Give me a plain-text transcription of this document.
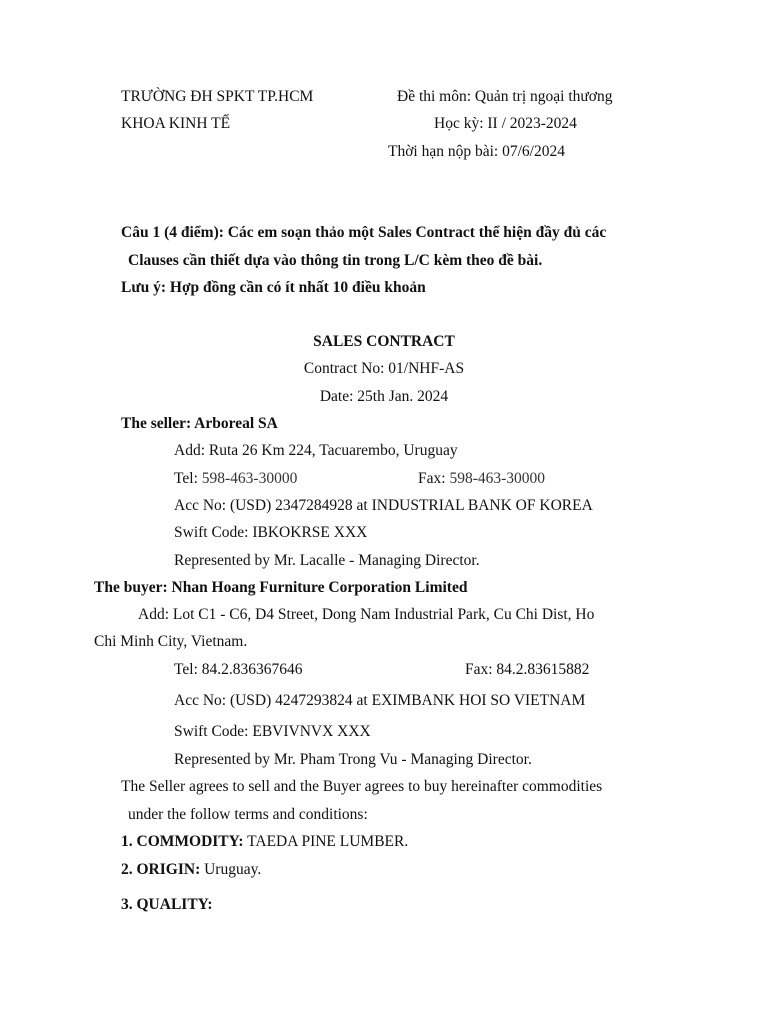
TRƯỜNG ĐH SPKT TP.HCM	Đề thi môn: Quản trị ngoại thương
KHOA KINH TẾ	Học kỳ: II / 2023-2024
Thời hạn nộp bài: 07/6/2024
Câu 1 (4 điểm): Các em soạn thảo một Sales Contract thể hiện đầy đủ các
Clauses cần thiết dựa vào thông tin trong L/C kèm theo đề bài.
Lưu ý: Hợp đồng cần có ít nhất 10 điều khoản
SALES CONTRACT
Contract No: 01/NHF-AS
Date: 25th Jan. 2024
The seller: Arboreal SA
Add: Ruta 26 Km 224, Tacuarembo, Uruguay
Tel: 598-463-30000	Fax: 598-463-30000
Acc No: (USD) 2347284928 at INDUSTRIAL BANK OF KOREA
Swift Code: IBKOKRSE XXX
Represented by Mr. Lacalle - Managing Director.
The buyer: Nhan Hoang Furniture Corporation Limited
Add: Lot C1 - C6, D4 Street, Dong Nam Industrial Park, Cu Chi Dist, Ho
Chi Minh City, Vietnam.
Tel: 84.2.836367646	Fax: 84.2.83615882
Acc No: (USD) 4247293824 at EXIMBANK HOI SO VIETNAM
Swift Code: EBVIVNVX XXX
Represented by Mr. Pham Trong Vu - Managing Director.
The Seller agrees to sell and the Buyer agrees to buy hereinafter commodities
under the follow terms and conditions:
1. COMMODITY: TAEDA PINE LUMBER.
2. ORIGIN: Uruguay.
3. QUALITY:
